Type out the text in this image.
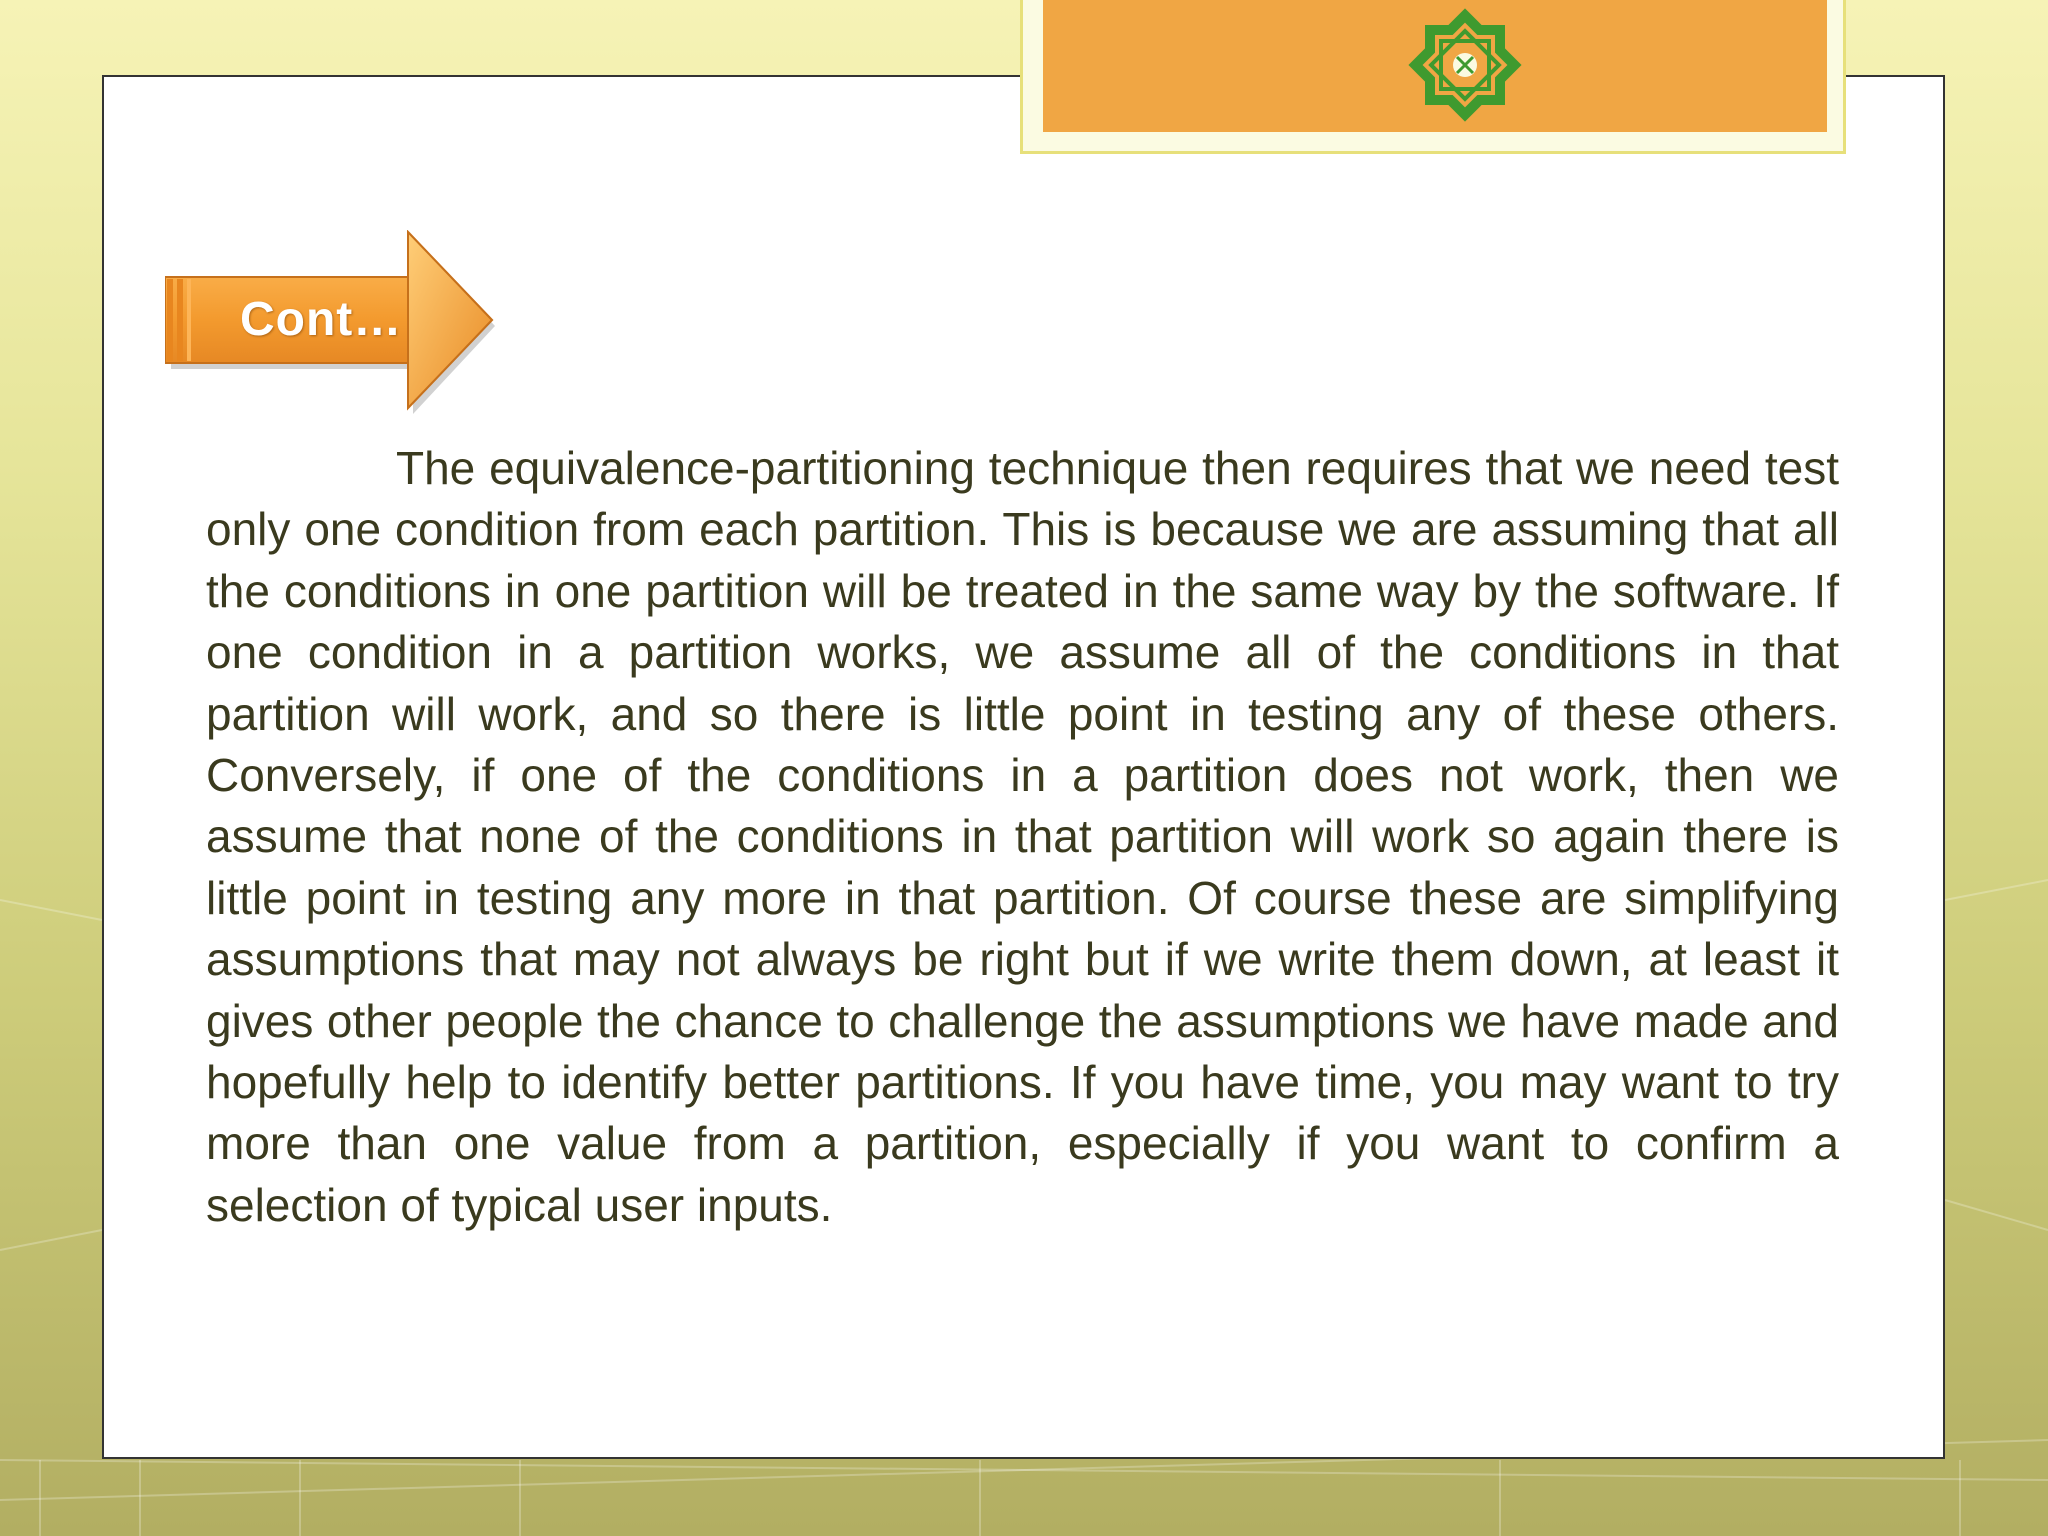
Cont…

The equivalence-partitioning technique then requires that we need test only one condition from each partition. This is because we are assuming that all the conditions in one partition will be treated in the same way by the software. If one condition in a partition works, we assume all of the conditions in that partition will work, and so there is little point in testing any of these others. Conversely, if one of the conditions in a partition does not work, then we assume that none of the conditions in that partition will work so again there is little point in testing any more in that partition. Of course these are simplifying assumptions that may not always be right but if we write them down, at least it gives other people the chance to challenge the assumptions we have made and hopefully help to identify better partitions. If you have time, you may want to try more than one value from a partition, especially if you want to confirm a selection of typical user inputs.
